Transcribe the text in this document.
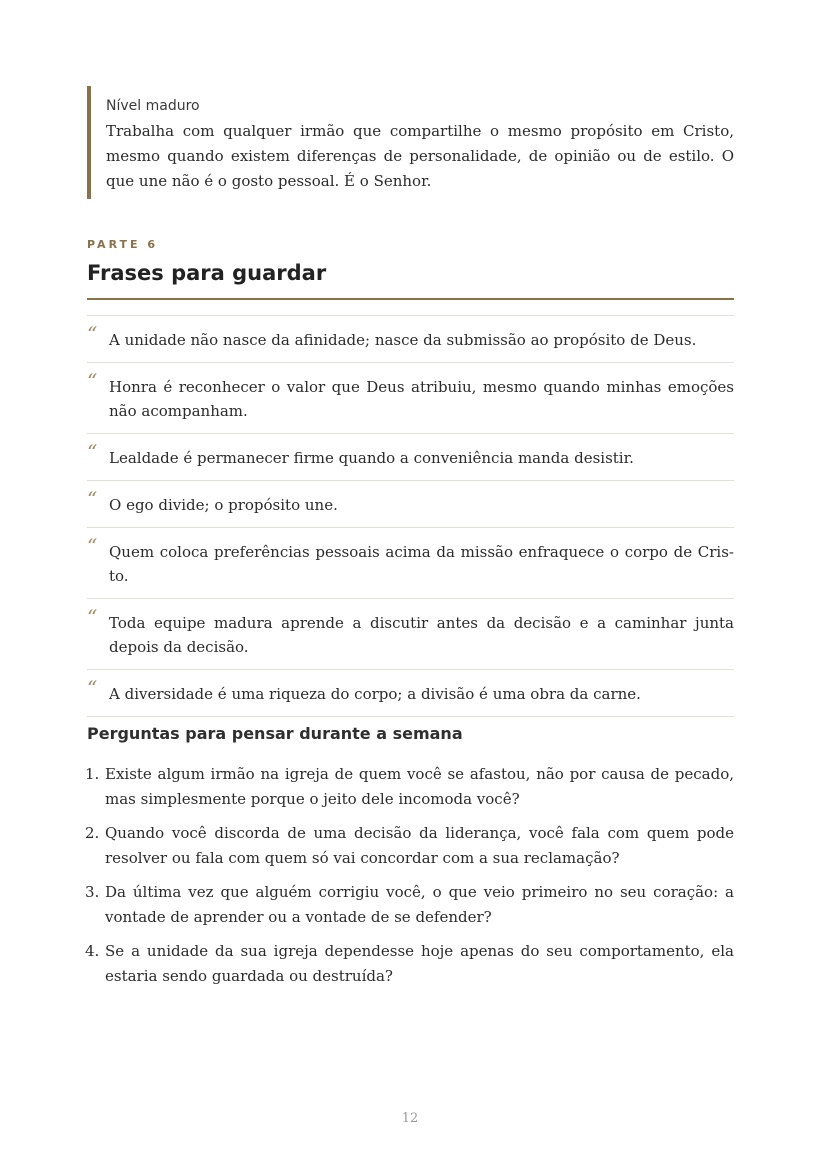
Nível maduro
Trabalha com qualquer irmão que compartilhe o mesmo propósito em Cristo, mesmo quando existem diferenças de personalidade, de opinião ou de estilo. O que une não é o gosto pessoal. É o Senhor.
PARTE 6
Frases para guardar
“ A unidade não nasce da afinidade; nasce da submissão ao propósito de Deus.
“ Honra é reconhecer o valor que Deus atribuiu, mesmo quando minhas emoções não acompanham.
“ Lealdade é permanecer firme quando a conveniência manda desistir.
“ O ego divide; o propósito une.
“ Quem coloca preferências pessoais acima da missão enfraquece o corpo de Cris-to.
“ Toda equipe madura aprende a discutir antes da decisão e a caminhar junta depois da decisão.
“ A diversidade é uma riqueza do corpo; a divisão é uma obra da carne.
Perguntas para pensar durante a semana
1. Existe algum irmão na igreja de quem você se afastou, não por causa de pecado, mas simplesmente porque o jeito dele incomoda você?
2. Quando você discorda de uma decisão da liderança, você fala com quem pode resolver ou fala com quem só vai concordar com a sua reclamação?
3. Da última vez que alguém corrigiu você, o que veio primeiro no seu coração: a vontade de aprender ou a vontade de se defender?
4. Se a unidade da sua igreja dependesse hoje apenas do seu comportamento, ela estaria sendo guardada ou destruída?
12
